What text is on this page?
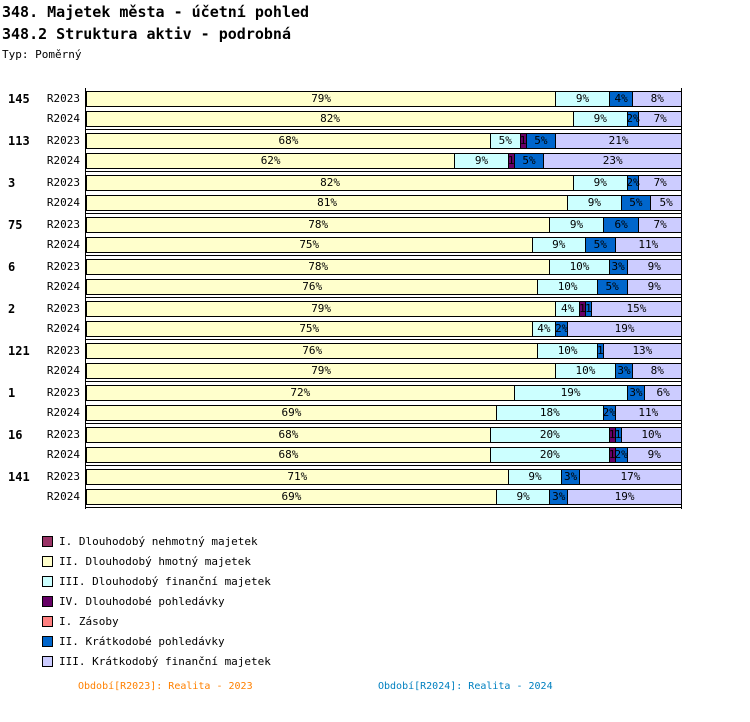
348. Majetek města - účetní pohled
348.2 Struktura aktiv - podrobná
Typ: Poměrný
79%	9% 4% 8%
82%	9% 2% 7%
68%	5% 1 5%	21%
62%	9% 1 5%	23%
82%	9% 2% 7%
81%	9%	5% 5%
78%	9%	6% 7%
75%	9%	5%	11%
78%	10% 3% 9%
76%	10%	5%	9%
79%	4% 1 1	15%
75%	4% 2%	19%
76%	10% 1	13%
79%	10% 3% 8%
72%	19%	3% 6%
69%	18%	2% 11%
68%	20%	1 1 10%
68%	20%	1
2% 9%
71%	9% 3%	17%
69%	9% 3%	19%
R2023
R2024
145
R2023
R2024
113
R2023
R2024
3
R2023
R2024
75
R2023
R2024
6
R2023
R2024
2
R2023
R2024
121
R2023
R2024
1
R2023
R2024
16
R2023
R2024
141
I. Dlouhodobý nehmotný majetek
II. Dlouhodobý hmotný majetek
III. Dlouhodobý finanční majetek
IV. Dlouhodobé pohledávky
I. Zásoby
II. Krátkodobé pohledávky
III. Krátkodobý finanční majetek
Období[R2023]: Realita - 2023	Období[R2024]: Realita - 2024
